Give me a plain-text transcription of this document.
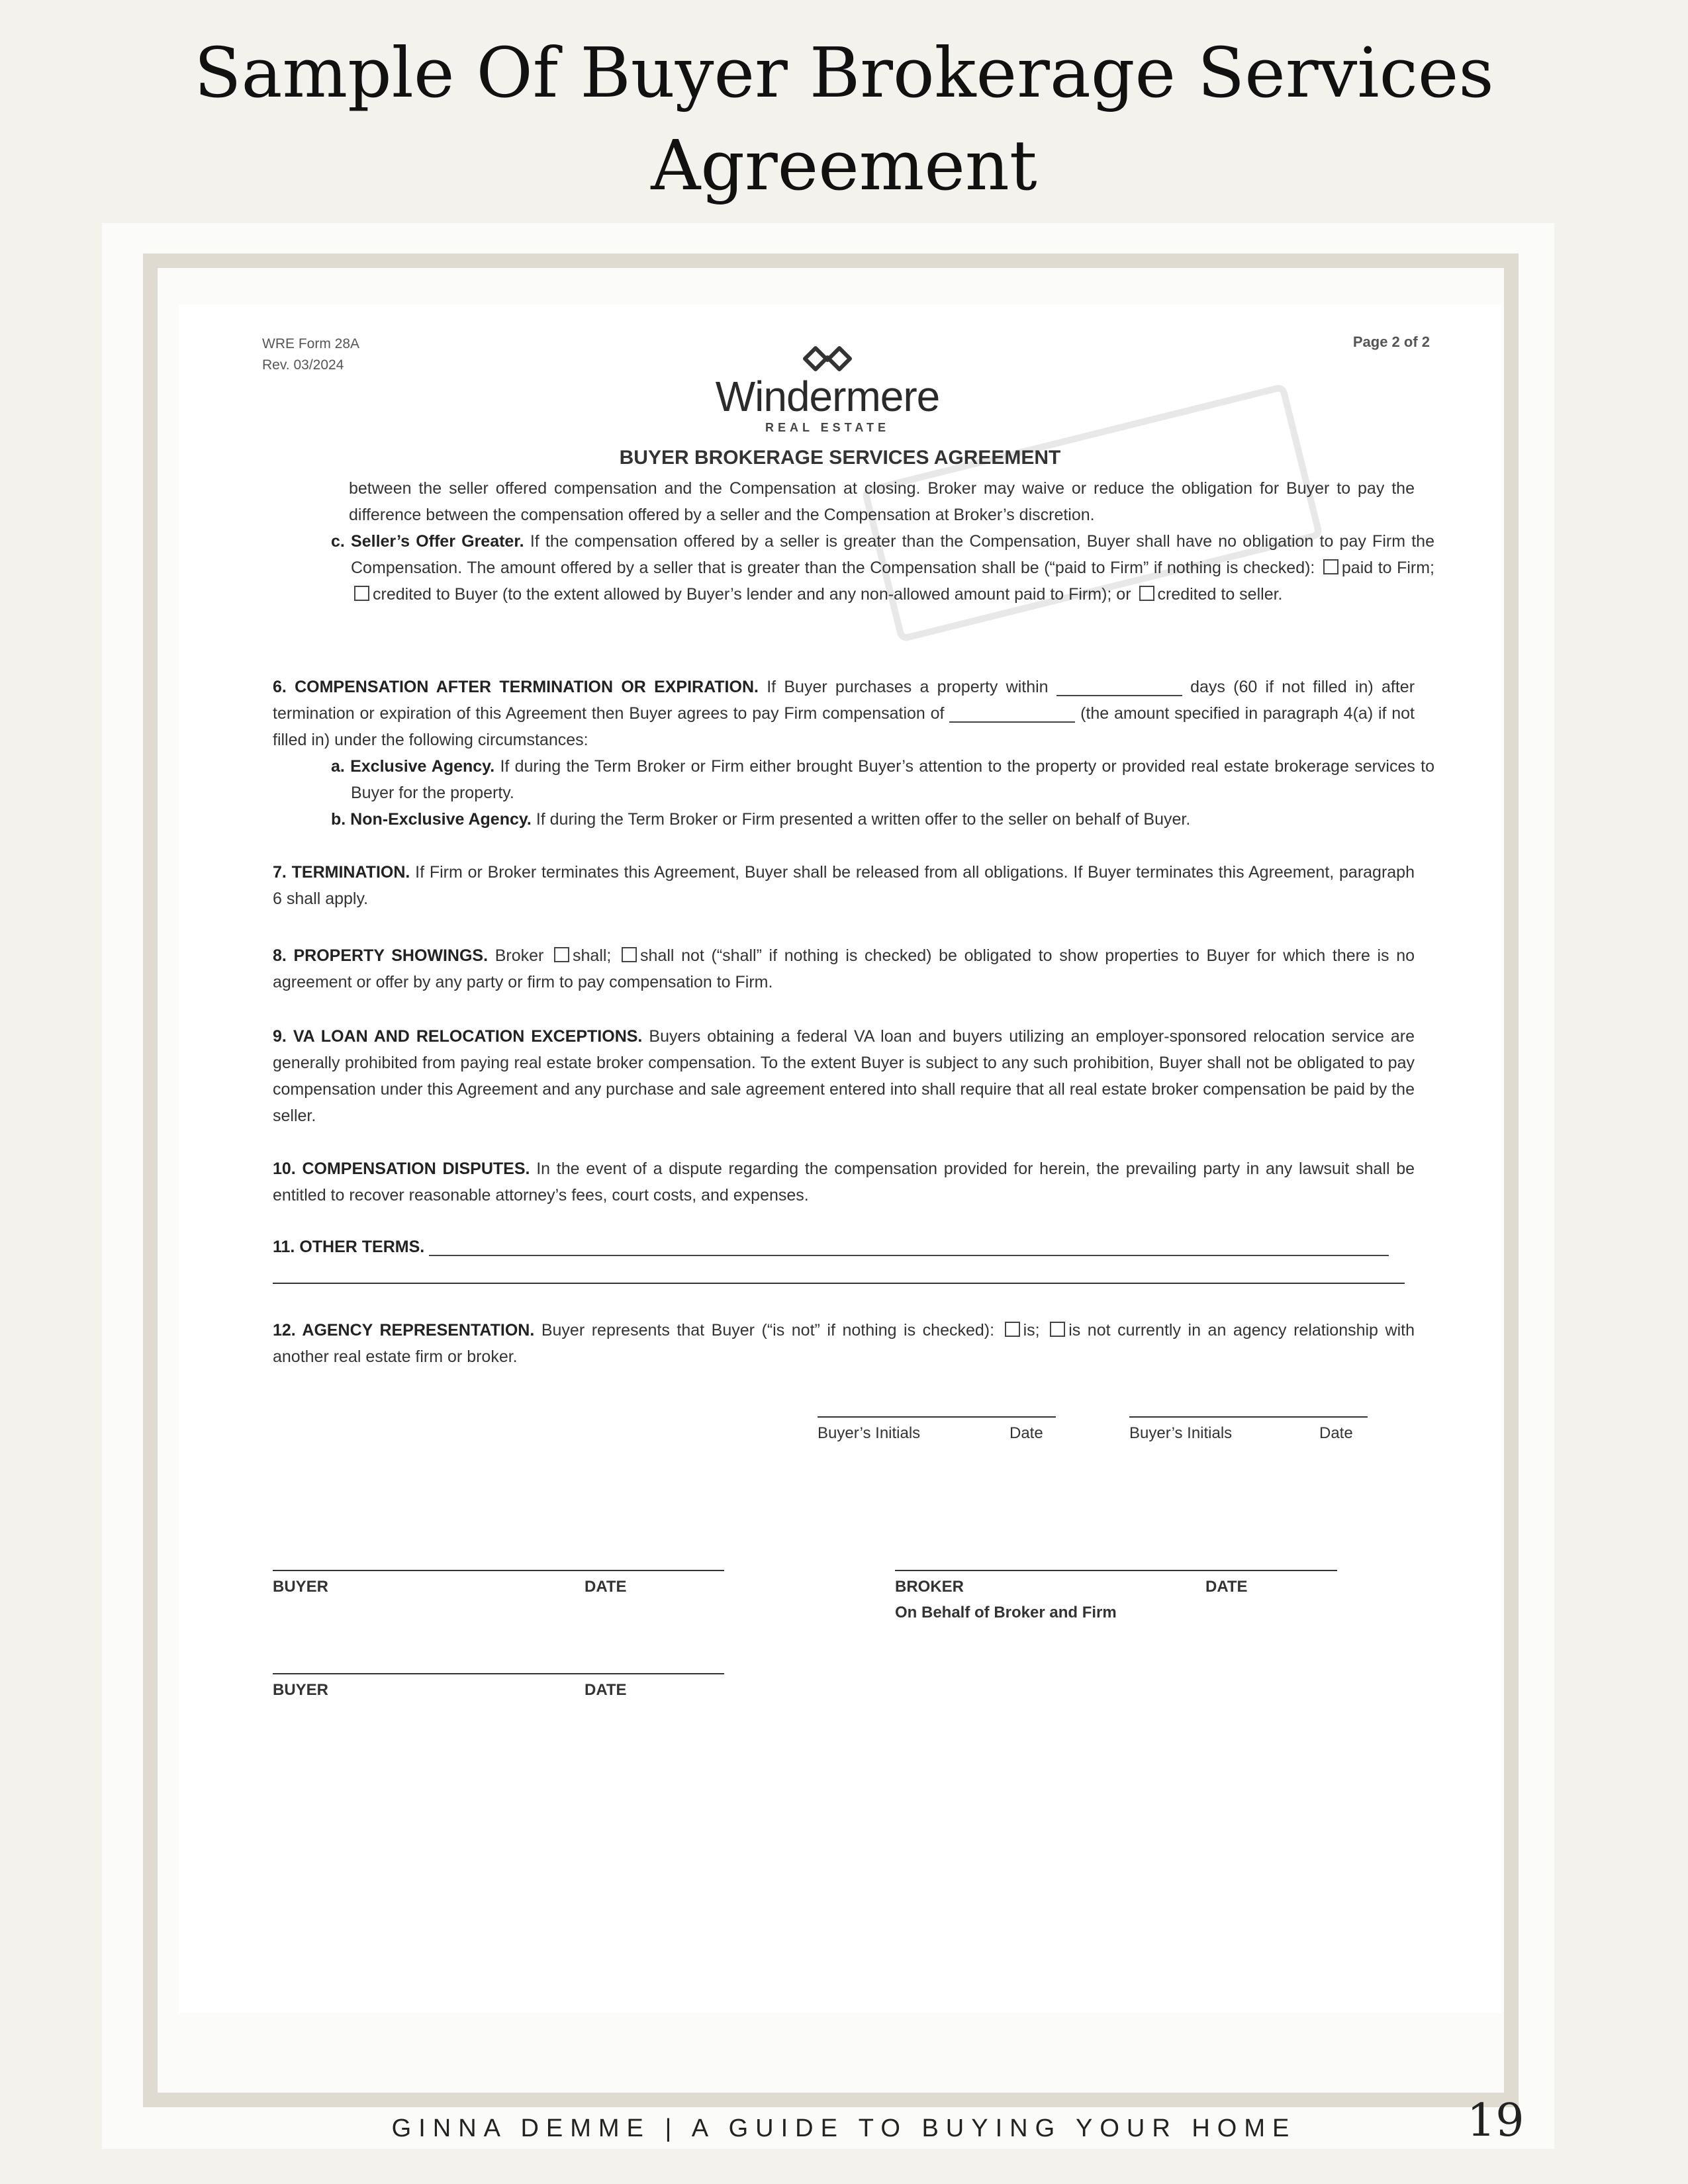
Sample Of Buyer Brokerage Services
Agreement
WRE Form 28A
Rev. 03/2024
Page 2 of 2
Windermere
REAL ESTATE
BUYER BROKERAGE SERVICES AGREEMENT

between the seller offered compensation and the Compensation at closing. Broker may waive or reduce the obligation for Buyer to pay the difference between the compensation offered by a seller and the Compensation at Broker’s discretion.

c. Seller’s Offer Greater. If the compensation offered by a seller is greater than the Compensation, Buyer shall have no obligation to pay Firm the Compensation. The amount offered by a seller that is greater than the Compensation shall be (“paid to Firm” if nothing is checked): paid to Firm; credited to Buyer (to the extent allowed by Buyer’s lender and any non-allowed amount paid to Firm); or credited to seller.

6. COMPENSATION AFTER TERMINATION OR EXPIRATION. If Buyer purchases a property within	days (60 if not filled in) after termination or expiration of this Agreement then Buyer agrees to pay Firm compensation of	(the amount specified in paragraph 4(a) if not filled in) under the following circumstances:

a. Exclusive Agency. If during the Term Broker or Firm either brought Buyer’s attention to the property or provided real estate brokerage services to Buyer for the property.

b. Non-Exclusive Agency. If during the Term Broker or Firm presented a written offer to the seller on behalf of Buyer.

7. TERMINATION. If Firm or Broker terminates this Agreement, Buyer shall be released from all obligations. If Buyer terminates this Agreement, paragraph 6 shall apply.

8. PROPERTY SHOWINGS. Broker shall; shall not (“shall” if nothing is checked) be obligated to show properties to Buyer for which there is no agreement or offer by any party or firm to pay compensation to Firm.

9. VA LOAN AND RELOCATION EXCEPTIONS. Buyers obtaining a federal VA loan and buyers utilizing an employer-sponsored relocation service are generally prohibited from paying real estate broker compensation. To the extent Buyer is subject to any such prohibition, Buyer shall not be obligated to pay compensation under this Agreement and any purchase and sale agreement entered into shall require that all real estate broker compensation be paid by the seller.

10. COMPENSATION DISPUTES. In the event of a dispute regarding the compensation provided for herein, the prevailing party in any lawsuit shall be entitled to recover reasonable attorney’s fees, court costs, and expenses.

11. OTHER TERMS.

12. AGENCY REPRESENTATION. Buyer represents that Buyer (“is not” if nothing is checked): is; is not currently in an agency relationship with another real estate firm or broker.

Buyer’s Initials	Date	Buyer’s Initials	Date
BUYER	DATE	BROKER	DATE
On Behalf of Broker and Firm
BUYER	DATE
GINNA DEMME | A GUIDE TO BUYING YOUR HOME	19
